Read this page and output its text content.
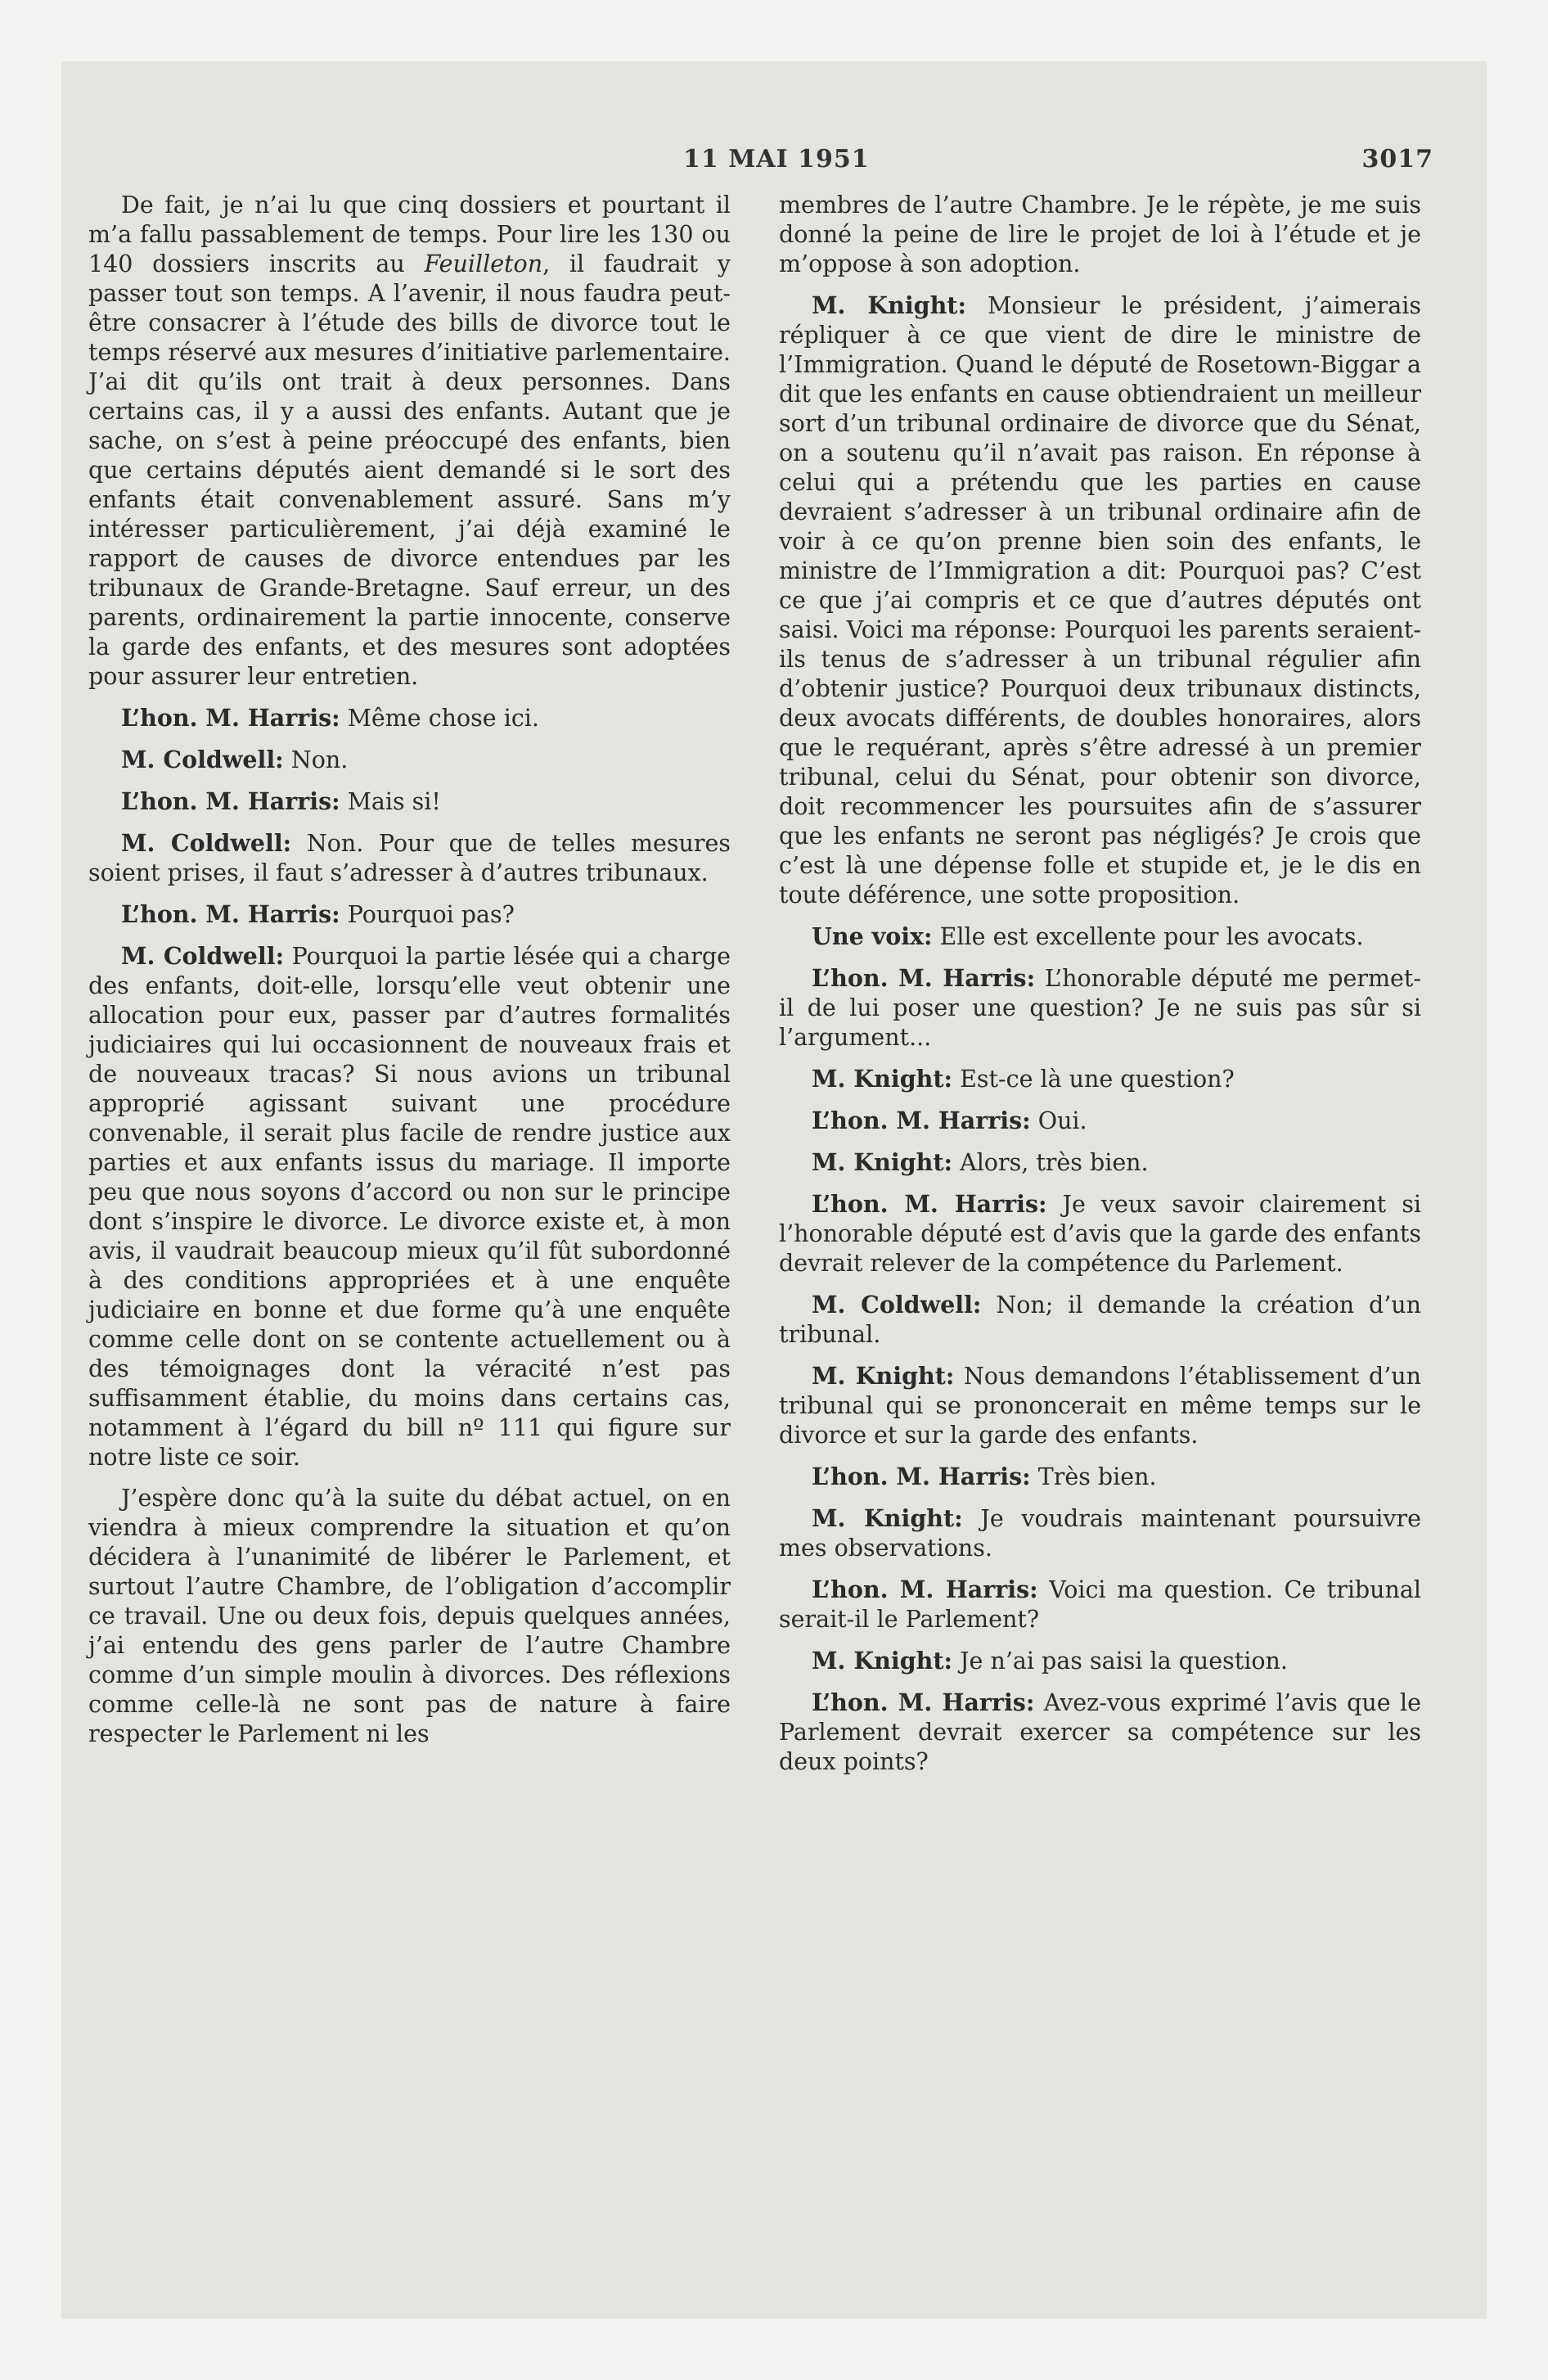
11 MAI 1951	3017

De fait, je n’ai lu que cinq dossiers et pourtant il m’a fallu passablement de temps. Pour lire les 130 ou 140 dossiers inscrits au Feuilleton, il faudrait y passer tout son temps. A l’avenir, il nous faudra peut-être consacrer à l’étude des bills de divorce tout le temps réservé aux mesures d’initiative parlementaire. J’ai dit qu’ils ont trait à deux personnes. Dans certains cas, il y a aussi des enfants. Autant que je sache, on s’est à peine préoccupé des enfants, bien que certains députés aient demandé si le sort des enfants était convenablement assuré. Sans m’y intéresser particulièrement, j’ai déjà examiné le rapport de causes de divorce entendues par les tribunaux de Grande-Bretagne. Sauf erreur, un des parents, ordinairement la partie innocente, conserve la garde des enfants, et des mesures sont adoptées pour assurer leur entretien.

L’hon. M. Harris: Même chose ici.

M. Coldwell: Non.

L’hon. M. Harris: Mais si!

M. Coldwell: Non. Pour que de telles mesures soient prises, il faut s’adresser à d’autres tribunaux.

L’hon. M. Harris: Pourquoi pas?

M. Coldwell: Pourquoi la partie lésée qui a charge des enfants, doit-elle, lorsqu’elle veut obtenir une allocation pour eux, passer par d’autres formalités judiciaires qui lui occasionnent de nouveaux frais et de nouveaux tracas? Si nous avions un tribunal approprié agissant suivant une procédure convenable, il serait plus facile de rendre justice aux parties et aux enfants issus du mariage. Il importe peu que nous soyons d’accord ou non sur le principe dont s’inspire le divorce. Le divorce existe et, à mon avis, il vaudrait beaucoup mieux qu’il fût subordonné à des conditions appropriées et à une enquête judiciaire en bonne et due forme qu’à une enquête comme celle dont on se contente actuellement ou à des témoignages dont la véracité n’est pas suffisamment établie, du moins dans certains cas, notamment à l’égard du bill nº 111 qui figure sur notre liste ce soir.

J’espère donc qu’à la suite du débat actuel, on en viendra à mieux comprendre la situation et qu’on décidera à l’unanimité de libérer le Parlement, et surtout l’autre Chambre, de l’obligation d’accomplir ce travail. Une ou deux fois, depuis quelques années, j’ai entendu des gens parler de l’autre Chambre comme d’un simple moulin à divorces. Des réflexions comme celle-là ne sont pas de nature à faire respecter le Parlement ni les

membres de l’autre Chambre. Je le répète, je me suis donné la peine de lire le projet de loi à l’étude et je m’oppose à son adoption.

M. Knight: Monsieur le président, j’aimerais répliquer à ce que vient de dire le ministre de l’Immigration. Quand le député de Rosetown-Biggar a dit que les enfants en cause obtiendraient un meilleur sort d’un tribunal ordinaire de divorce que du Sénat, on a soutenu qu’il n’avait pas raison. En réponse à celui qui a prétendu que les parties en cause devraient s’adresser à un tribunal ordinaire afin de voir à ce qu’on prenne bien soin des enfants, le ministre de l’Immigration a dit: Pourquoi pas? C’est ce que j’ai compris et ce que d’autres députés ont saisi. Voici ma réponse: Pourquoi les parents seraient-ils tenus de s’adresser à un tribunal régulier afin d’obtenir justice? Pourquoi deux tribunaux distincts, deux avocats différents, de doubles honoraires, alors que le requérant, après s’être adressé à un premier tribunal, celui du Sénat, pour obtenir son divorce, doit recommencer les poursuites afin de s’assurer que les enfants ne seront pas négligés? Je crois que c’est là une dépense folle et stupide et, je le dis en toute déférence, une sotte proposition.

Une voix: Elle est excellente pour les avocats.

L’hon. M. Harris: L’honorable député me permet-il de lui poser une question? Je ne suis pas sûr si l’argument...

M. Knight: Est-ce là une question?

L’hon. M. Harris: Oui.

M. Knight: Alors, très bien.

L’hon. M. Harris: Je veux savoir clairement si l’honorable député est d’avis que la garde des enfants devrait relever de la compétence du Parlement.

M. Coldwell: Non; il demande la création d’un tribunal.

M. Knight: Nous demandons l’établissement d’un tribunal qui se prononcerait en même temps sur le divorce et sur la garde des enfants.

L’hon. M. Harris: Très bien.

M. Knight: Je voudrais maintenant poursuivre mes observations.

L’hon. M. Harris: Voici ma question. Ce tribunal serait-il le Parlement?

M. Knight: Je n’ai pas saisi la question.

L’hon. M. Harris: Avez-vous exprimé l’avis que le Parlement devrait exercer sa compétence sur les deux points?
